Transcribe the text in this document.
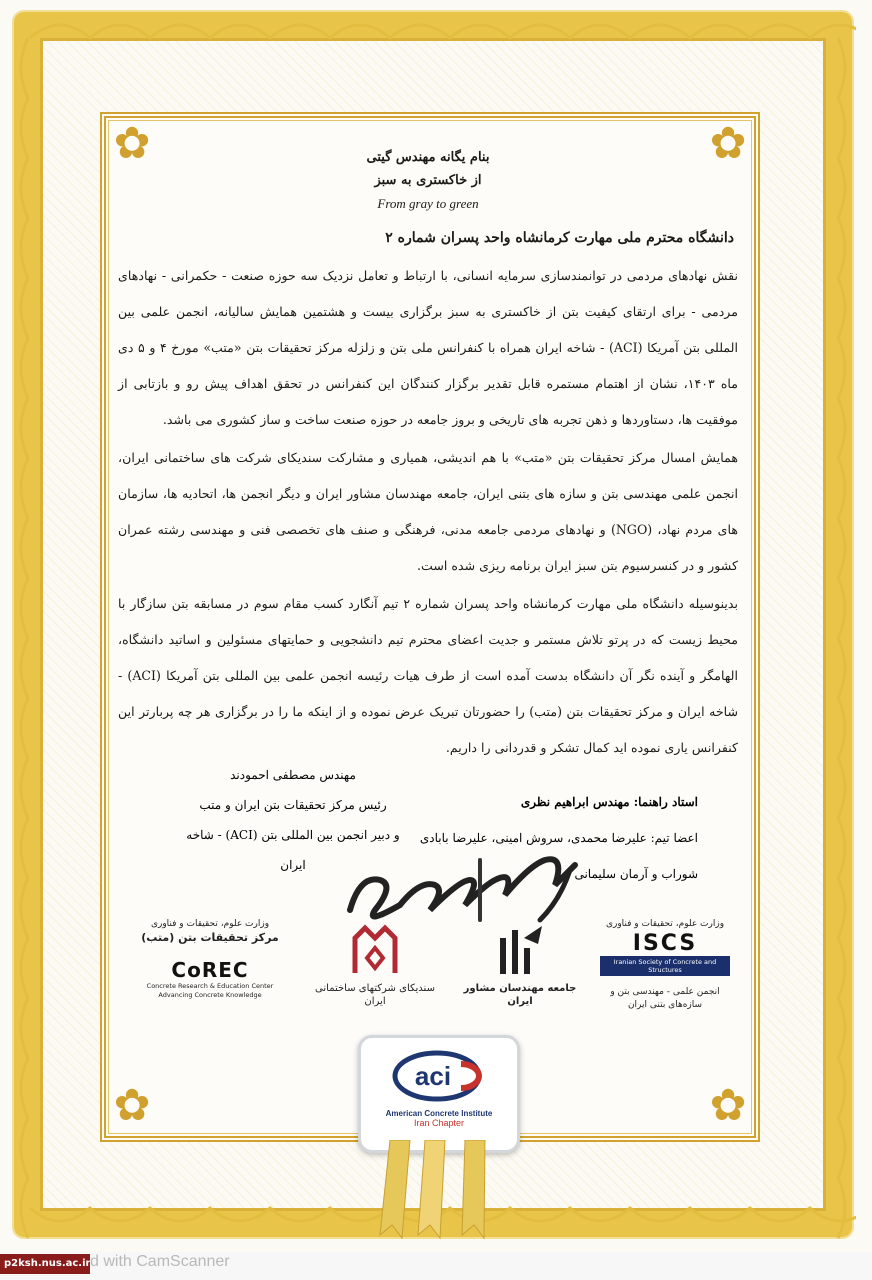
✿	✿
✿	✿
بنام یگانه مهندس گیتی
از خاکستری به سبز
From gray to green
دانشگاه محترم ملی مهارت کرمانشاه واحد پسران شماره ۲

نقش نهادهای مردمی در توانمندسازی سرمایه انسانی، با ارتباط و تعامل نزدیک سه حوزه صنعت - حکمرانی - نهادهای مردمی - برای ارتقای کیفیت بتن از خاکستری به سبز برگزاری بیست و هشتمین همایش سالیانه، انجمن علمی بین المللی بتن آمریکا (ACI) - شاخه ایران همراه با کنفرانس ملی بتن و زلزله مرکز تحقیقات بتن «متب» مورخ ۴ و ۵ دی ماه ۱۴۰۳، نشان از اهتمام مستمره قابل تقدیر برگزار کنندگان این کنفرانس در تحقق اهداف پیش رو و بازتابی از موفقیت ها، دستاوردها و ذهن تجربه های تاریخی و بروز جامعه در حوزه صنعت ساخت و ساز کشوری می باشد.

همایش امسال مرکز تحقیقات بتن «متب» با هم اندیشی، همیاری و مشارکت سندیکای شرکت های ساختمانی ایران، انجمن علمی مهندسی بتن و سازه های بتنی ایران، جامعه مهندسان مشاور ایران و دیگر انجمن ها، اتحادیه ها، سازمان های مردم نهاد، (NGO) و نهادهای مردمی جامعه مدنی، فرهنگی و صنف های تخصصی فنی و مهندسی رشته عمران کشور و در کنسرسیوم بتن سبز ایران برنامه ریزی شده است.

بدینوسیله دانشگاه ملی مهارت کرمانشاه واحد پسران شماره ۲ تیم آنگارد کسب مقام سوم در مسابقه بتن سازگار با محیط زیست که در پرتو تلاش مستمر و جدیت اعضای محترم تیم دانشجویی و حمایتهای مسئولین و اساتید دانشگاه، الهامگر و آینده نگر آن دانشگاه بدست آمده است از طرف هیات رئیسه انجمن علمی بین المللی بتن آمریکا (ACI) - شاخه ایران و مرکز تحقیقات بتن (متب) را حضورتان تبریک عرض نموده و از اینکه ما را در برگزاری هر چه پربارتر این کنفرانس یاری نموده اید کمال تشکر و قدردانی را داریم.

مهندس مصطفی احمودند
رئیس مرکز تحقیقات بتن ایران و متب
و دبیر انجمن بین المللی بتن (ACI) - شاخه ایران
استاد راهنما: مهندس ابراهیم نظری
اعضا تیم: علیرضا محمدی، سروش امینی، علیرضا بابادی شوراب و آرمان سلیمانی
وزارت علوم، تحقیقات و فناوری
مرکز تحقیقات بتن (متب)
CoREC
Concrete Research & Education Center
Advancing Concrete Knowledge
سندیکای شرکتهای ساختمانی ایران
جامعه مهندسان مشاور ایران
وزارت علوم، تحقیقات و فناوری
ISCS
Iranian Society of Concrete and Structures
انجمن علمی - مهندسی بتن و سازه‌های بتنی ایران
aci
American Concrete Institute
Iran Chapter
p2ksh.nus.ac.ir d with CamScanner
